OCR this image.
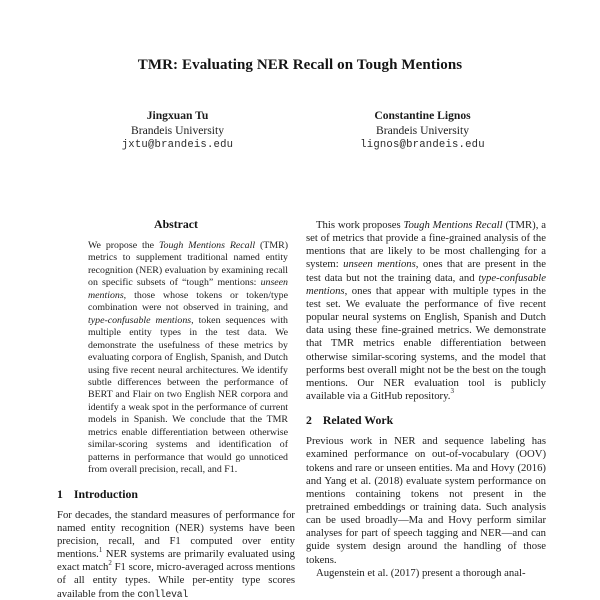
TMR: Evaluating NER Recall on Tough Mentions
Jingxuan Tu
Brandeis University
jxtu@brandeis.edu
Constantine Lignos
Brandeis University
lignos@brandeis.edu
Abstract
We propose the Tough Mentions Recall (TMR) metrics to supplement traditional named entity recognition (NER) evaluation by examining recall on specific subsets of “tough” mentions: unseen mentions, those whose tokens or token/type combination were not observed in training, and type-confusable mentions, token sequences with multiple entity types in the test data. We demonstrate the usefulness of these metrics by evaluating corpora of English, Spanish, and Dutch using five recent neural architectures. We identify subtle differences between the performance of BERT and Flair on two English NER corpora and identify a weak spot in the performance of current models in Spanish. We conclude that the TMR metrics enable differentiation between otherwise similar-scoring systems and identification of patterns in performance that would go unnoticed from overall precision, recall, and F1.
1 Introduction
For decades, the standard measures of performance for named entity recognition (NER) systems have been precision, recall, and F1 computed over entity mentions.$^1$ NER systems are primarily evaluated using exact match$^2$ F1 score, micro-averaged across mentions of all entity types. While per-entity type scores available from the conlleval
This work proposes Tough Mentions Recall (TMR), a set of metrics that provide a fine-grained analysis of the mentions that are likely to be most challenging for a system: unseen mentions, ones that are present in the test data but not the training data, and type-confusable mentions, ones that appear with multiple types in the test set. We evaluate the performance of five recent popular neural systems on English, Spanish and Dutch data using these fine-grained metrics. We demonstrate that TMR metrics enable differentiation between otherwise similar-scoring systems, and the model that performs best overall might not be the best on the tough mentions. Our NER evaluation tool is publicly available via a GitHub repository.$^3$
2 Related Work
Previous work in NER and sequence labeling has examined performance on out-of-vocabulary (OOV) tokens and rare or unseen entities. Ma and Hovy (2016) and Yang et al. (2018) evaluate system performance on mentions containing tokens not present in the pretrained embeddings or training data. Such analysis can be used broadly—Ma and Hovy perform similar analyses for part of speech tagging and NER—and can guide system design around the handling of those tokens.
Augenstein et al. (2017) present a thorough anal-
